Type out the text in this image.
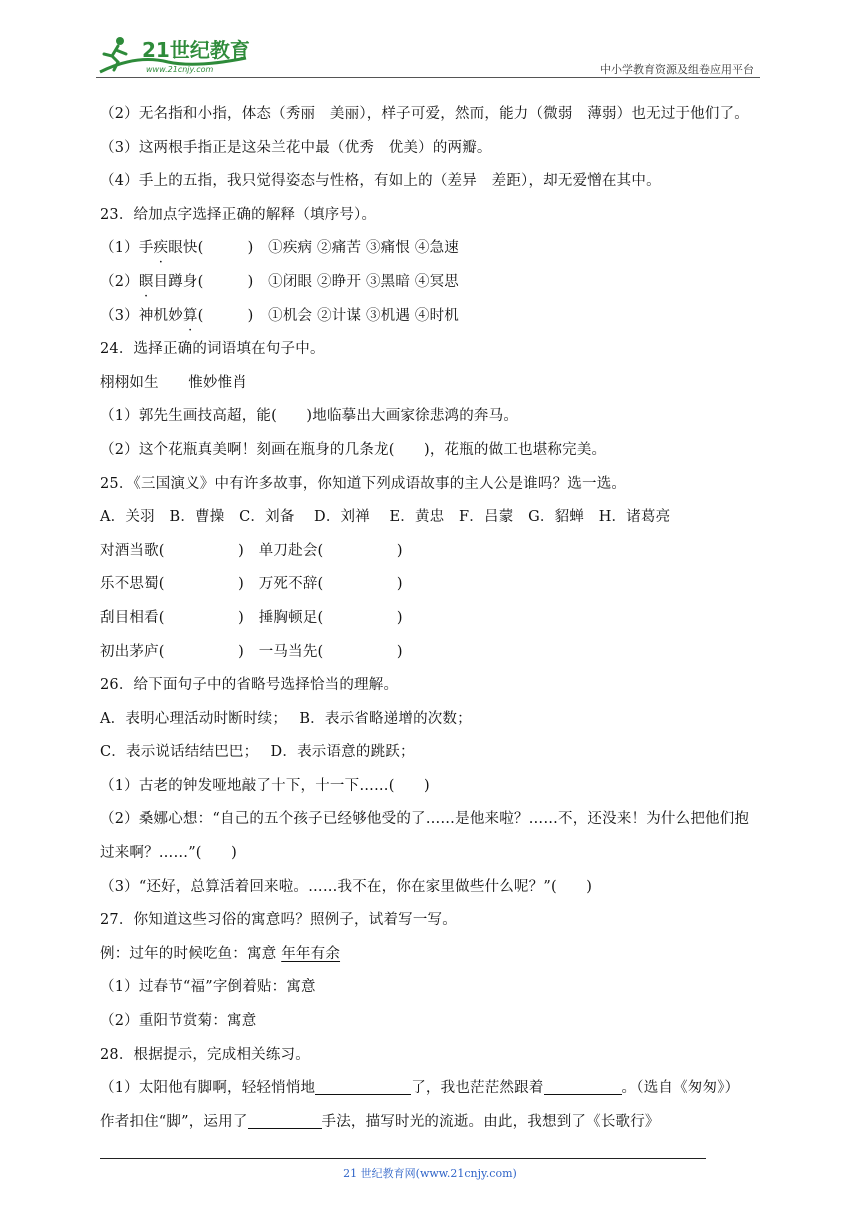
21世纪教育
www.21cnjy.com	中小学教育资源及组卷应用平台
（2）无名指和小指，体态（秀丽　美丽），样子可爱，然而，能力（微弱　薄弱）也无过于他们了。
（3）这两根手指正是这朵兰花中最（优秀　优美）的两瓣。
（4）手上的五指，我只觉得姿态与性格，有如上的（差异　差距），却无爱憎在其中。
23．给加点字选择正确的解释（填序号）。
（1）手疾眼快(　　　)　①疾病 ②痛苦 ③痛恨 ④急速
（2）瞑目蹲身(　　　)　①闭眼 ②睁开 ③黑暗 ④冥思
（3）神机妙算(　　　)　①机会 ②计谋 ③机遇 ④时机
24．选择正确的词语填在句子中。
栩栩如生　　惟妙惟肖
（1）郭先生画技高超，能(　　)地临摹出大画家徐悲鸿的奔马。
（2）这个花瓶真美啊！刻画在瓶身的几条龙(　　)，花瓶的做工也堪称完美。
25．《三国演义》中有许多故事，你知道下列成语故事的主人公是谁吗？选一选。
A．关羽　B．曹操　C．刘备　 D．刘禅　 E．黄忠　F．吕蒙　G．貂蝉　H．诸葛亮
对酒当歌(　　　　　)　单刀赴会(　　　　　)
乐不思蜀(　　　　　)　万死不辞(　　　　　)
刮目相看(　　　　　)　捶胸顿足(　　　　　)
初出茅庐(　　　　　)　一马当先(　　　　　)
26．给下面句子中的省略号选择恰当的理解。
A．表明心理活动时断时续；　 B．表示省略递增的次数；
C．表示说话结结巴巴；　 D．表示语意的跳跃；
（1）古老的钟发哑地敲了十下，十一下……(　　)
（2）桑娜心想：“自己的五个孩子已经够他受的了……是他来啦？……不，还没来！为什么把他们抱
过来啊？……”(　　)
（3）“还好，总算活着回来啦。……我不在，你在家里做些什么呢？”(　　)
27．你知道这些习俗的寓意吗？照例子，试着写一写。
例：过年的时候吃鱼：寓意 年年有余
（1）过春节“福”字倒着贴：寓意
（2）重阳节赏菊：寓意
28．根据提示，完成相关练习。
（1）太阳他有脚啊，轻轻悄悄地	了，我也茫茫然跟着	。（选自《匆匆》）
作者扣住“脚”，运用了	手法，描写时光的流逝。由此，我想到了《长歌行》
21 世纪教育网(www.21cnjy.com)
